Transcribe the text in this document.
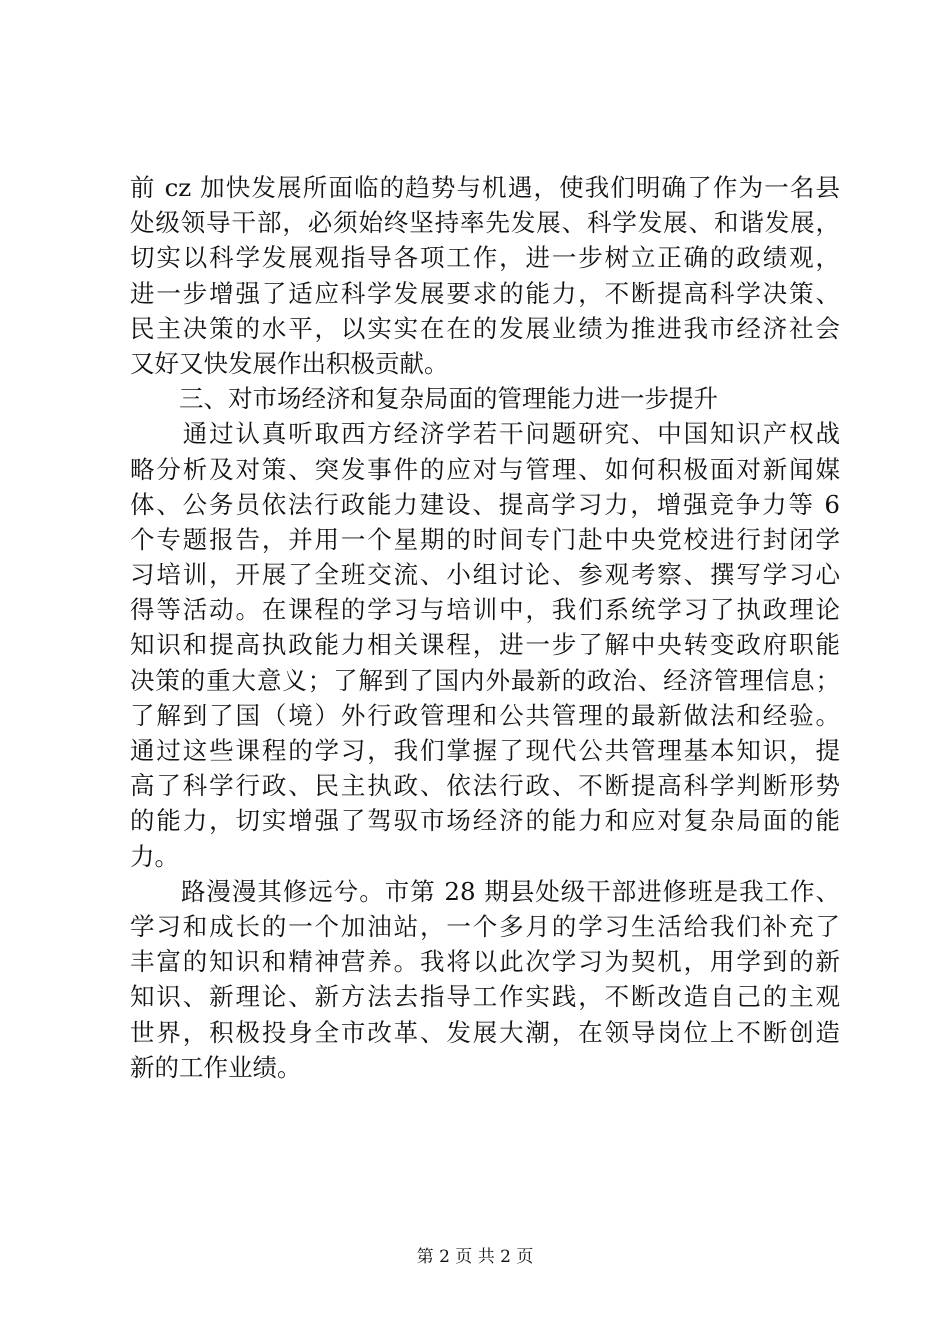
前 cz 加快发展所面临的趋势与机遇，使我们明确了作为一名县
处级领导干部，必须始终坚持率先发展、科学发展、和谐发展，
切实以科学发展观指导各项工作，进一步树立正确的政绩观，
进一步增强了适应科学发展要求的能力，不断提高科学决策、
民主决策的水平，以实实在在的发展业绩为推进我市经济社会
又好又快发展作出积极贡献。
　　三、对市场经济和复杂局面的管理能力进一步提升
　　通过认真听取西方经济学若干问题研究、中国知识产权战
略分析及对策、突发事件的应对与管理、如何积极面对新闻媒
体、公务员依法行政能力建设、提高学习力，增强竞争力等 6
个专题报告，并用一个星期的时间专门赴中央党校进行封闭学
习培训，开展了全班交流、小组讨论、参观考察、撰写学习心
得等活动。在课程的学习与培训中，我们系统学习了执政理论
知识和提高执政能力相关课程，进一步了解中央转变政府职能
决策的重大意义；了解到了国内外最新的政治、经济管理信息；
了解到了国（境）外行政管理和公共管理的最新做法和经验。
通过这些课程的学习，我们掌握了现代公共管理基本知识，提
高了科学行政、民主执政、依法行政、不断提高科学判断形势
的能力，切实增强了驾驭市场经济的能力和应对复杂局面的能
力。
　　路漫漫其修远兮。市第 28 期县处级干部进修班是我工作、
学习和成长的一个加油站，一个多月的学习生活给我们补充了
丰富的知识和精神营养。我将以此次学习为契机，用学到的新
知识、新理论、新方法去指导工作实践，不断改造自己的主观
世界，积极投身全市改革、发展大潮，在领导岗位上不断创造
新的工作业绩。
第 2 页 共 2 页
